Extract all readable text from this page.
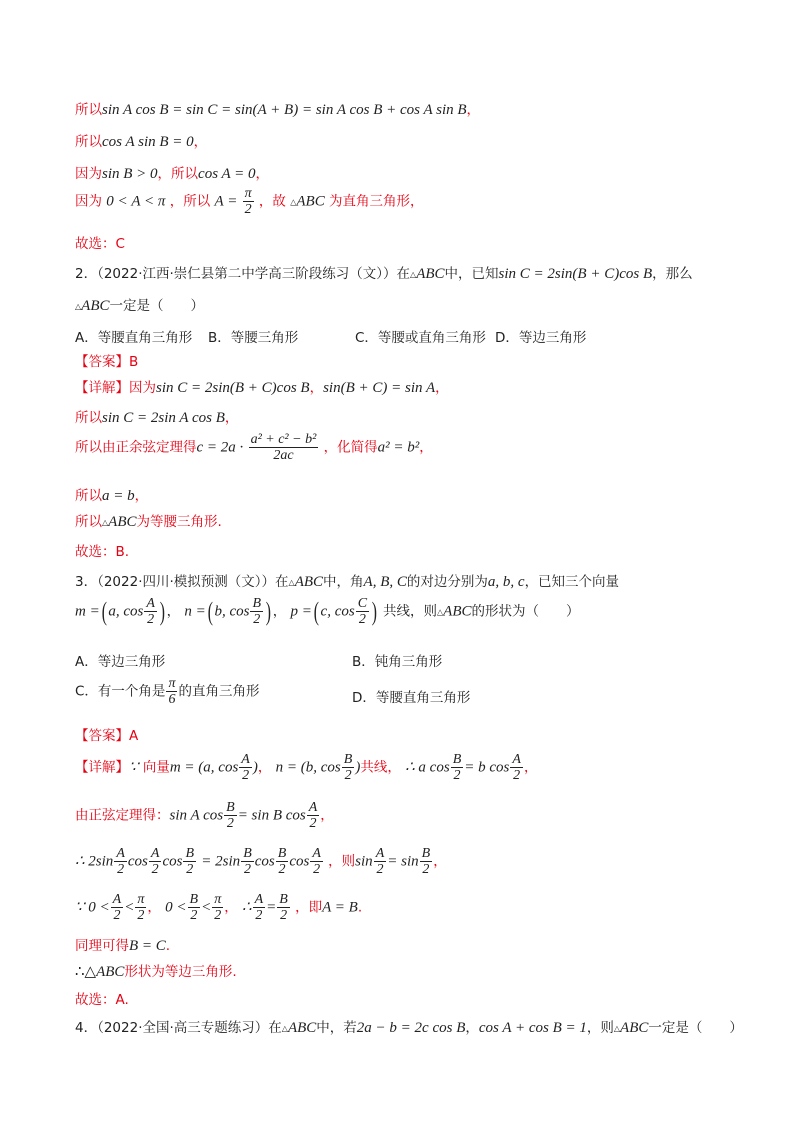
所以sin A cos B = sin C = sin(A + B) = sin A cos B + cos A sin B，
所以cos A sin B = 0，
因为sin B > 0，所以cos A = 0，
因为 0 < A < π ，所以 $A = \frac{\pi}{2}$ ，故 △ABC 为直角三角形，
故选：C
2．（2022·江西·崇仁县第二中学高三阶段练习（文））在△ABC中，已知sin C = 2sin(B + C)cos B，那么
△ABC一定是（　　）
A．等腰直角三角形 B．等腰三角形	C．等腰或直角三角形 D．等边三角形
【答案】B
【详解】因为sin C = 2sin(B + C)cos B，sin(B + C) = sin A，
所以sin C = 2sin A cos B，
所以由正余弦定理得$c = 2a \cdot \frac{\text{a² + c² − b²}}{2ac}$ ，化简得a² = b²，
所以a = b，
所以△ABC为等腰三角形.
故选：B.
3．（2022·四川·模拟预测（文））在△ABC中，角A, B, C的对边分别为a, b, c，已知三个向量
m =( a, $\cos \frac{A}{2}$ ) ， n =( b, $\cos \frac{B}{2}$ ) ， p =( c, $\cos \frac{C}{2}$ ) 共线，则△ABC的形状为（　　）
A．等边三角形	B．钝角三角形
C．有一个角是 $\frac{\pi}{6}$ 的直角三角形	D．等腰直角三角形
【答案】A
【详解】∵ 向量m = (a, $\cos \frac{A}{2}$ )， n = (b, $\cos \frac{B}{2}$ )共线， ∴ a $\cos \frac{B}{2} = b$ $\cos \frac{A}{2}$ ，
由正弦定理得：sin A $\cos \frac{B}{2} = \sin B$ $\cos \frac{A}{2}$ ，
∴ $2\sin \frac{A}{2}$ $\cos \frac{A}{2}$ $\cos \frac{B}{2} = 2\sin \frac{B}{2}$ $\cos \frac{B}{2}$ $\cos \frac{A}{2}$ ，则$\sin \frac{A}{2} = \sin \frac{B}{2}$ ，
∵ $0 < \frac{A}{2} < \frac{\pi}{2}$ ， $0 < \frac{B}{2} < \frac{\pi}{2}$ ， ∴ $\frac{A}{2} = \frac{B}{2}$ ，即A = B.
同理可得B = C.
∴△ABC形状为等边三角形.
故选：A.
4．（2022·全国·高三专题练习）在△ABC中，若2a − b = 2c cos B，cos A + cos B = 1，则△ABC一定是（　　）
